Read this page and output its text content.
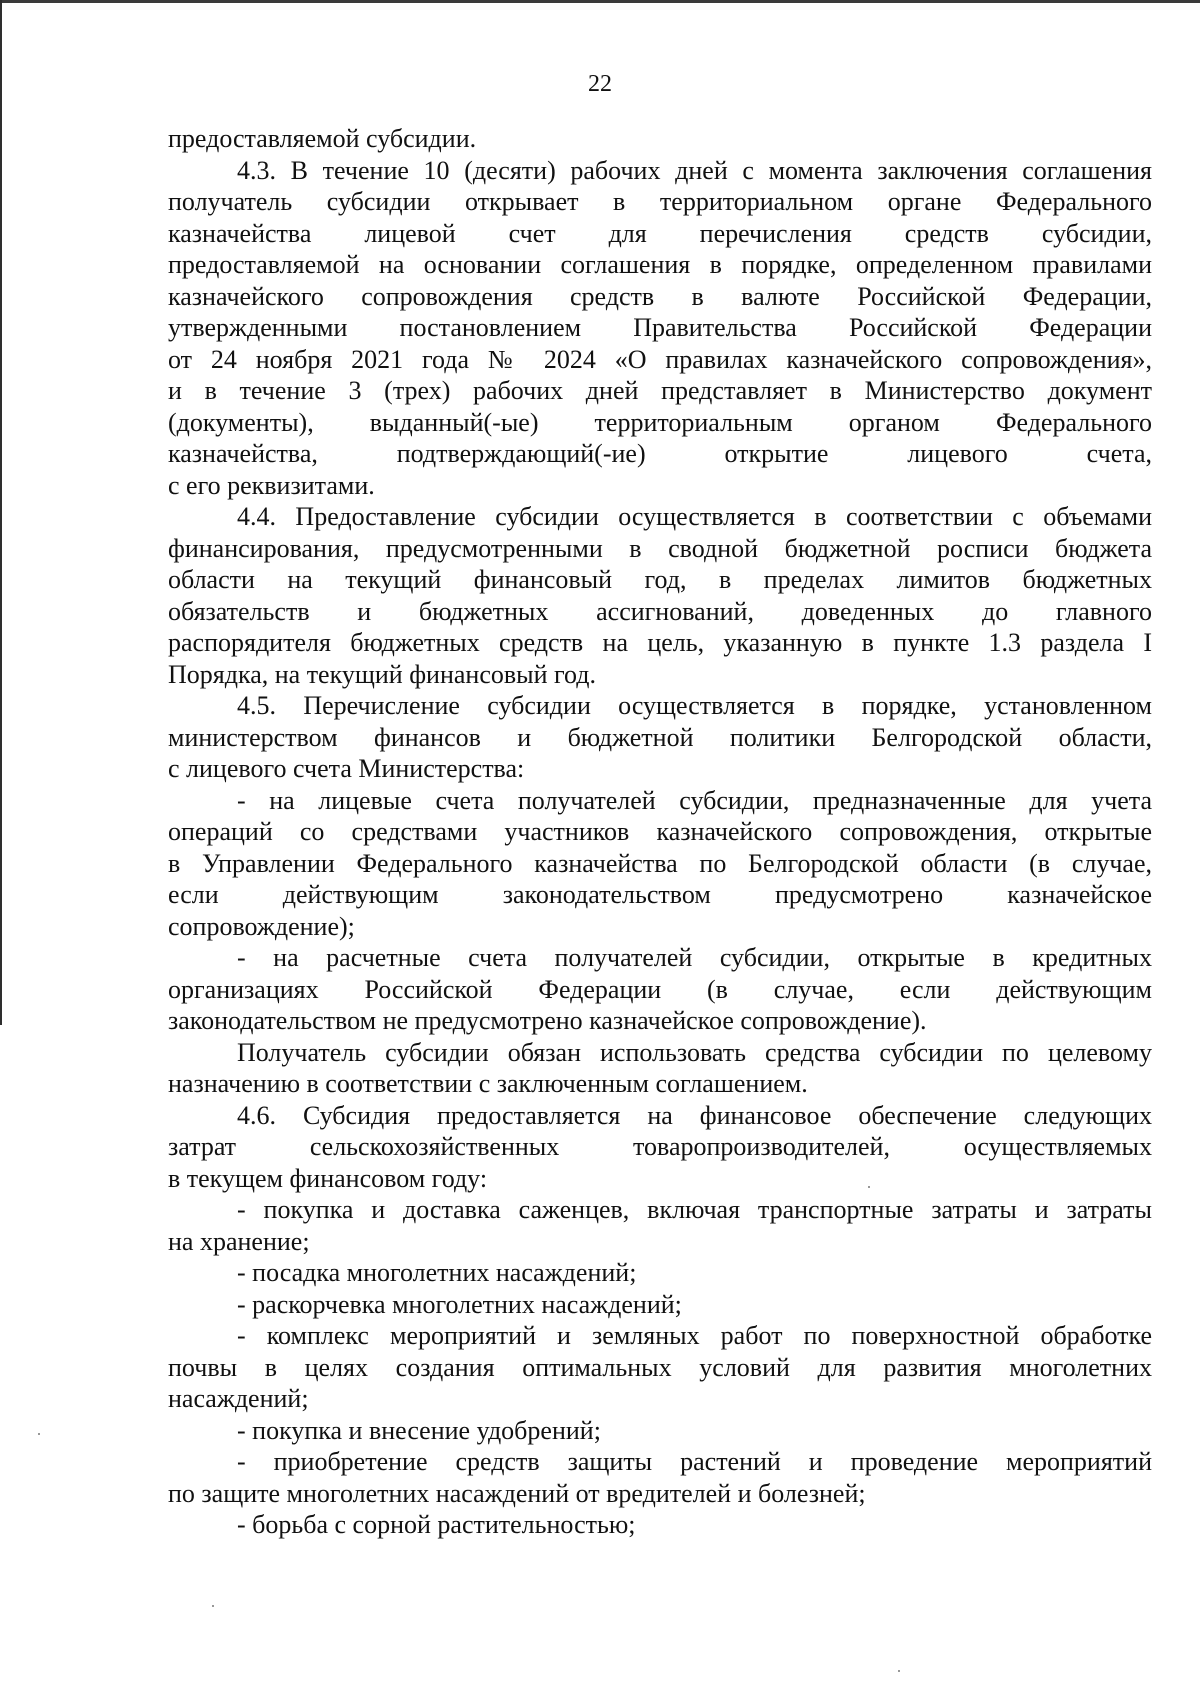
22
предоставляемой субсидии.
4.3. В течение 10 (десяти) рабочих дней с момента заключения соглашения
получатель субсидии открывает в территориальном органе Федерального
казначейства лицевой счет для перечисления средств субсидии,
предоставляемой на основании соглашения в порядке, определенном правилами
казначейского сопровождения средств в валюте Российской Федерации,
утвержденными постановлением Правительства Российской Федерации
от 24 ноября 2021 года № 2024 «О правилах казначейского сопровождения»,
и в течение 3 (трех) рабочих дней представляет в Министерство документ
(документы), выданный(-ые) территориальным органом Федерального
казначейства, подтверждающий(-ие) открытие лицевого счета,
с его реквизитами.
4.4. Предоставление субсидии осуществляется в соответствии с объемами
финансирования, предусмотренными в сводной бюджетной росписи бюджета
области на текущий финансовый год, в пределах лимитов бюджетных
обязательств и бюджетных ассигнований, доведенных до главного
распорядителя бюджетных средств на цель, указанную в пункте 1.3 раздела I
Порядка, на текущий финансовый год.
4.5. Перечисление субсидии осуществляется в порядке, установленном
министерством финансов и бюджетной политики Белгородской области,
с лицевого счета Министерства:
- на лицевые счета получателей субсидии, предназначенные для учета
операций со средствами участников казначейского сопровождения, открытые
в Управлении Федерального казначейства по Белгородской области (в случае,
если действующим законодательством предусмотрено казначейское
сопровождение);
- на расчетные счета получателей субсидии, открытые в кредитных
организациях Российской Федерации (в случае, если действующим
законодательством не предусмотрено казначейское сопровождение).
Получатель субсидии обязан использовать средства субсидии по целевому
назначению в соответствии с заключенным соглашением.
4.6. Субсидия предоставляется на финансовое обеспечение следующих
затрат сельскохозяйственных товаропроизводителей, осуществляемых
в текущем финансовом году:
- покупка и доставка саженцев, включая транспортные затраты и затраты
на хранение;
- посадка многолетних насаждений;
- раскорчевка многолетних насаждений;
- комплекс мероприятий и земляных работ по поверхностной обработке
почвы в целях создания оптимальных условий для развития многолетних
насаждений;
- покупка и внесение удобрений;
- приобретение средств защиты растений и проведение мероприятий
по защите многолетних насаждений от вредителей и болезней;
- борьба с сорной растительностью;
